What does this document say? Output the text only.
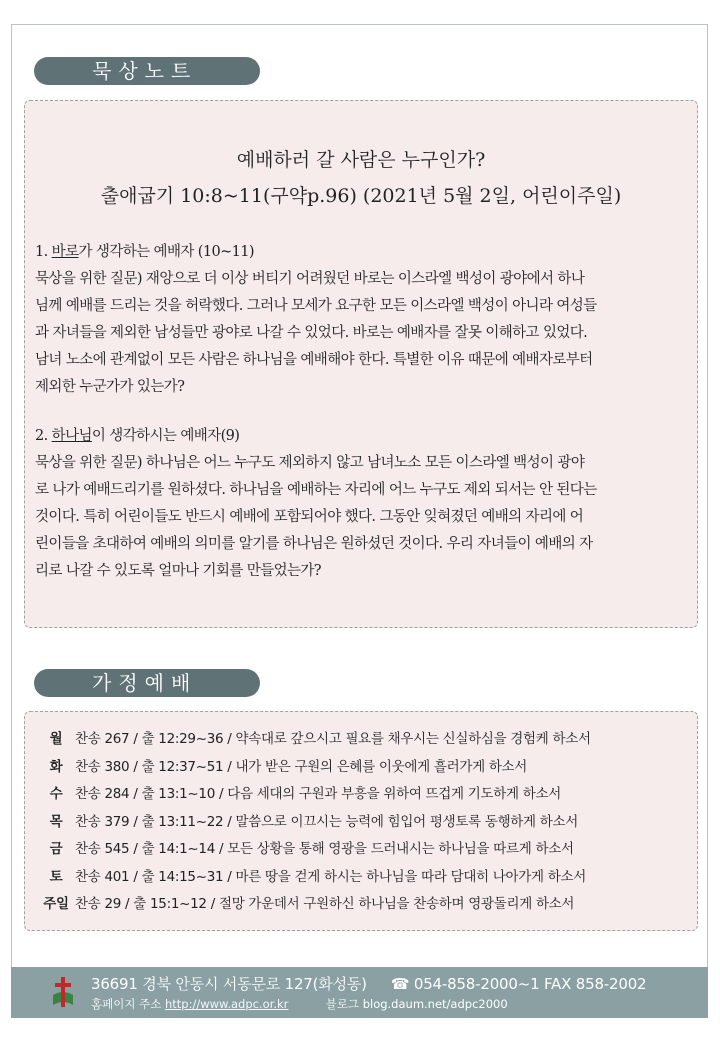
묵상노트
예배하러 갈 사람은 누구인가?
출애굽기 10:8~11(구약p.96) (2021년 5월 2일, 어린이주일)
1. 바로가 생각하는 예배자 (10~11)
묵상을 위한 질문) 재앙으로 더 이상 버티기 어려웠던 바로는 이스라엘 백성이 광야에서 하나
님께 예배를 드리는 것을 허락했다. 그러나 모세가 요구한 모든 이스라엘 백성이 아니라 여성들
과 자녀들을 제외한 남성들만 광야로 나갈 수 있었다. 바로는 예배자를 잘못 이해하고 있었다.
남녀 노소에 관계없이 모든 사람은 하나님을 예배해야 한다. 특별한 이유 때문에 예배자로부터
제외한 누군가가 있는가?
2. 하나님이 생각하시는 예배자(9)
묵상을 위한 질문) 하나님은 어느 누구도 제외하지 않고 남녀노소 모든 이스라엘 백성이 광야
로 나가 예배드리기를 원하셨다. 하나님을 예배하는 자리에 어느 누구도 제외 되서는 안 된다는
것이다. 특히 어린이들도 반드시 예배에 포함되어야 했다. 그동안 잊혀졌던 예배의 자리에 어
린이들을 초대하여 예배의 의미를 알기를 하나님은 원하셨던 것이다. 우리 자녀들이 예배의 자
리로 나갈 수 있도록 얼마나 기회를 만들었는가?
가정예배
월 찬송 267 / 출 12:29~36 / 약속대로 갚으시고 필요를 채우시는 신실하심을 경험케 하소서
화 찬송 380 / 출 12:37~51 / 내가 받은 구원의 은혜를 이웃에게 흘러가게 하소서
수 찬송 284 / 출 13:1~10 / 다음 세대의 구원과 부흥을 위하여 뜨겁게 기도하게 하소서
목 찬송 379 / 출 13:11~22 / 말씀으로 이끄시는 능력에 힘입어 평생토록 동행하게 하소서
금 찬송 545 / 출 14:1~14 / 모든 상황을 통해 영광을 드러내시는 하나님을 따르게 하소서
토 찬송 401 / 출 14:15~31 / 마른 땅을 걷게 하시는 하나님을 따라 담대히 나아가게 하소서
주일 찬송 29 / 출 15:1~12 / 절망 가운데서 구원하신 하나님을 찬송하며 영광돌리게 하소서
36691 경북 안동시 서동문로 127(화성동) ☎ 054-858-2000~1 FAX 858-2002
홈페이지 주소 http://www.adpc.or.kr	블로그 blog.daum.net/adpc2000
